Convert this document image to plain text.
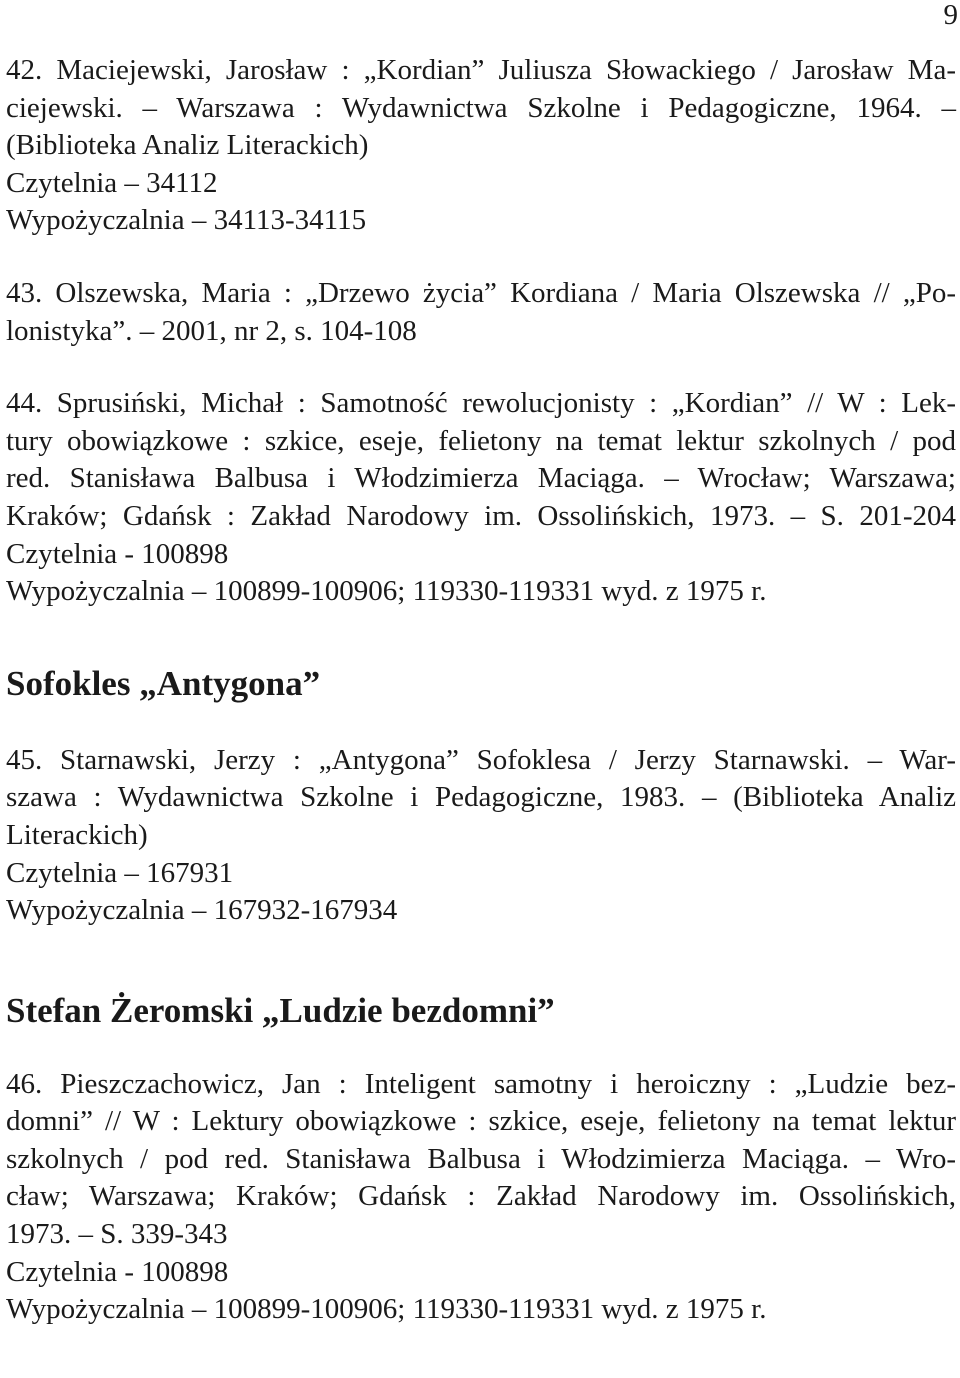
9

42. Maciejewski, Jarosław : „Kordian” Juliusza Słowackiego / Jarosław Ma-

ciejewski. – Warszawa : Wydawnictwa Szkolne i Pedagogiczne, 1964. –

(Biblioteka Analiz Literackich)

Czytelnia – 34112

Wypożyczalnia – 34113-34115

43. Olszewska, Maria : „Drzewo życia” Kordiana / Maria Olszewska // „Po-

lonistyka”. – 2001, nr 2, s. 104-108

44. Sprusiński, Michał : Samotność rewolucjonisty : „Kordian” // W : Lek-

tury obowiązkowe : szkice, eseje, felietony na temat lektur szkolnych / pod

red. Stanisława Balbusa i Włodzimierza Maciąga. – Wrocław; Warszawa;

Kraków; Gdańsk : Zakład Narodowy im. Ossolińskich, 1973. – S. 201-204

Czytelnia - 100898

Wypożyczalnia – 100899-100906; 119330-119331 wyd. z 1975 r.

Sofokles „Antygona”

45. Starnawski, Jerzy : „Antygona” Sofoklesa / Jerzy Starnawski. – War-

szawa : Wydawnictwa Szkolne i Pedagogiczne, 1983. – (Biblioteka Analiz

Literackich)

Czytelnia – 167931

Wypożyczalnia – 167932-167934

Stefan Żeromski „Ludzie bezdomni”

46. Pieszczachowicz, Jan : Inteligent samotny i heroiczny : „Ludzie bez-

domni” // W : Lektury obowiązkowe : szkice, eseje, felietony na temat lektur

szkolnych / pod red. Stanisława Balbusa i Włodzimierza Maciąga. – Wro-

cław; Warszawa; Kraków; Gdańsk : Zakład Narodowy im. Ossolińskich,

1973. – S. 339-343

Czytelnia - 100898

Wypożyczalnia – 100899-100906; 119330-119331 wyd. z 1975 r.
